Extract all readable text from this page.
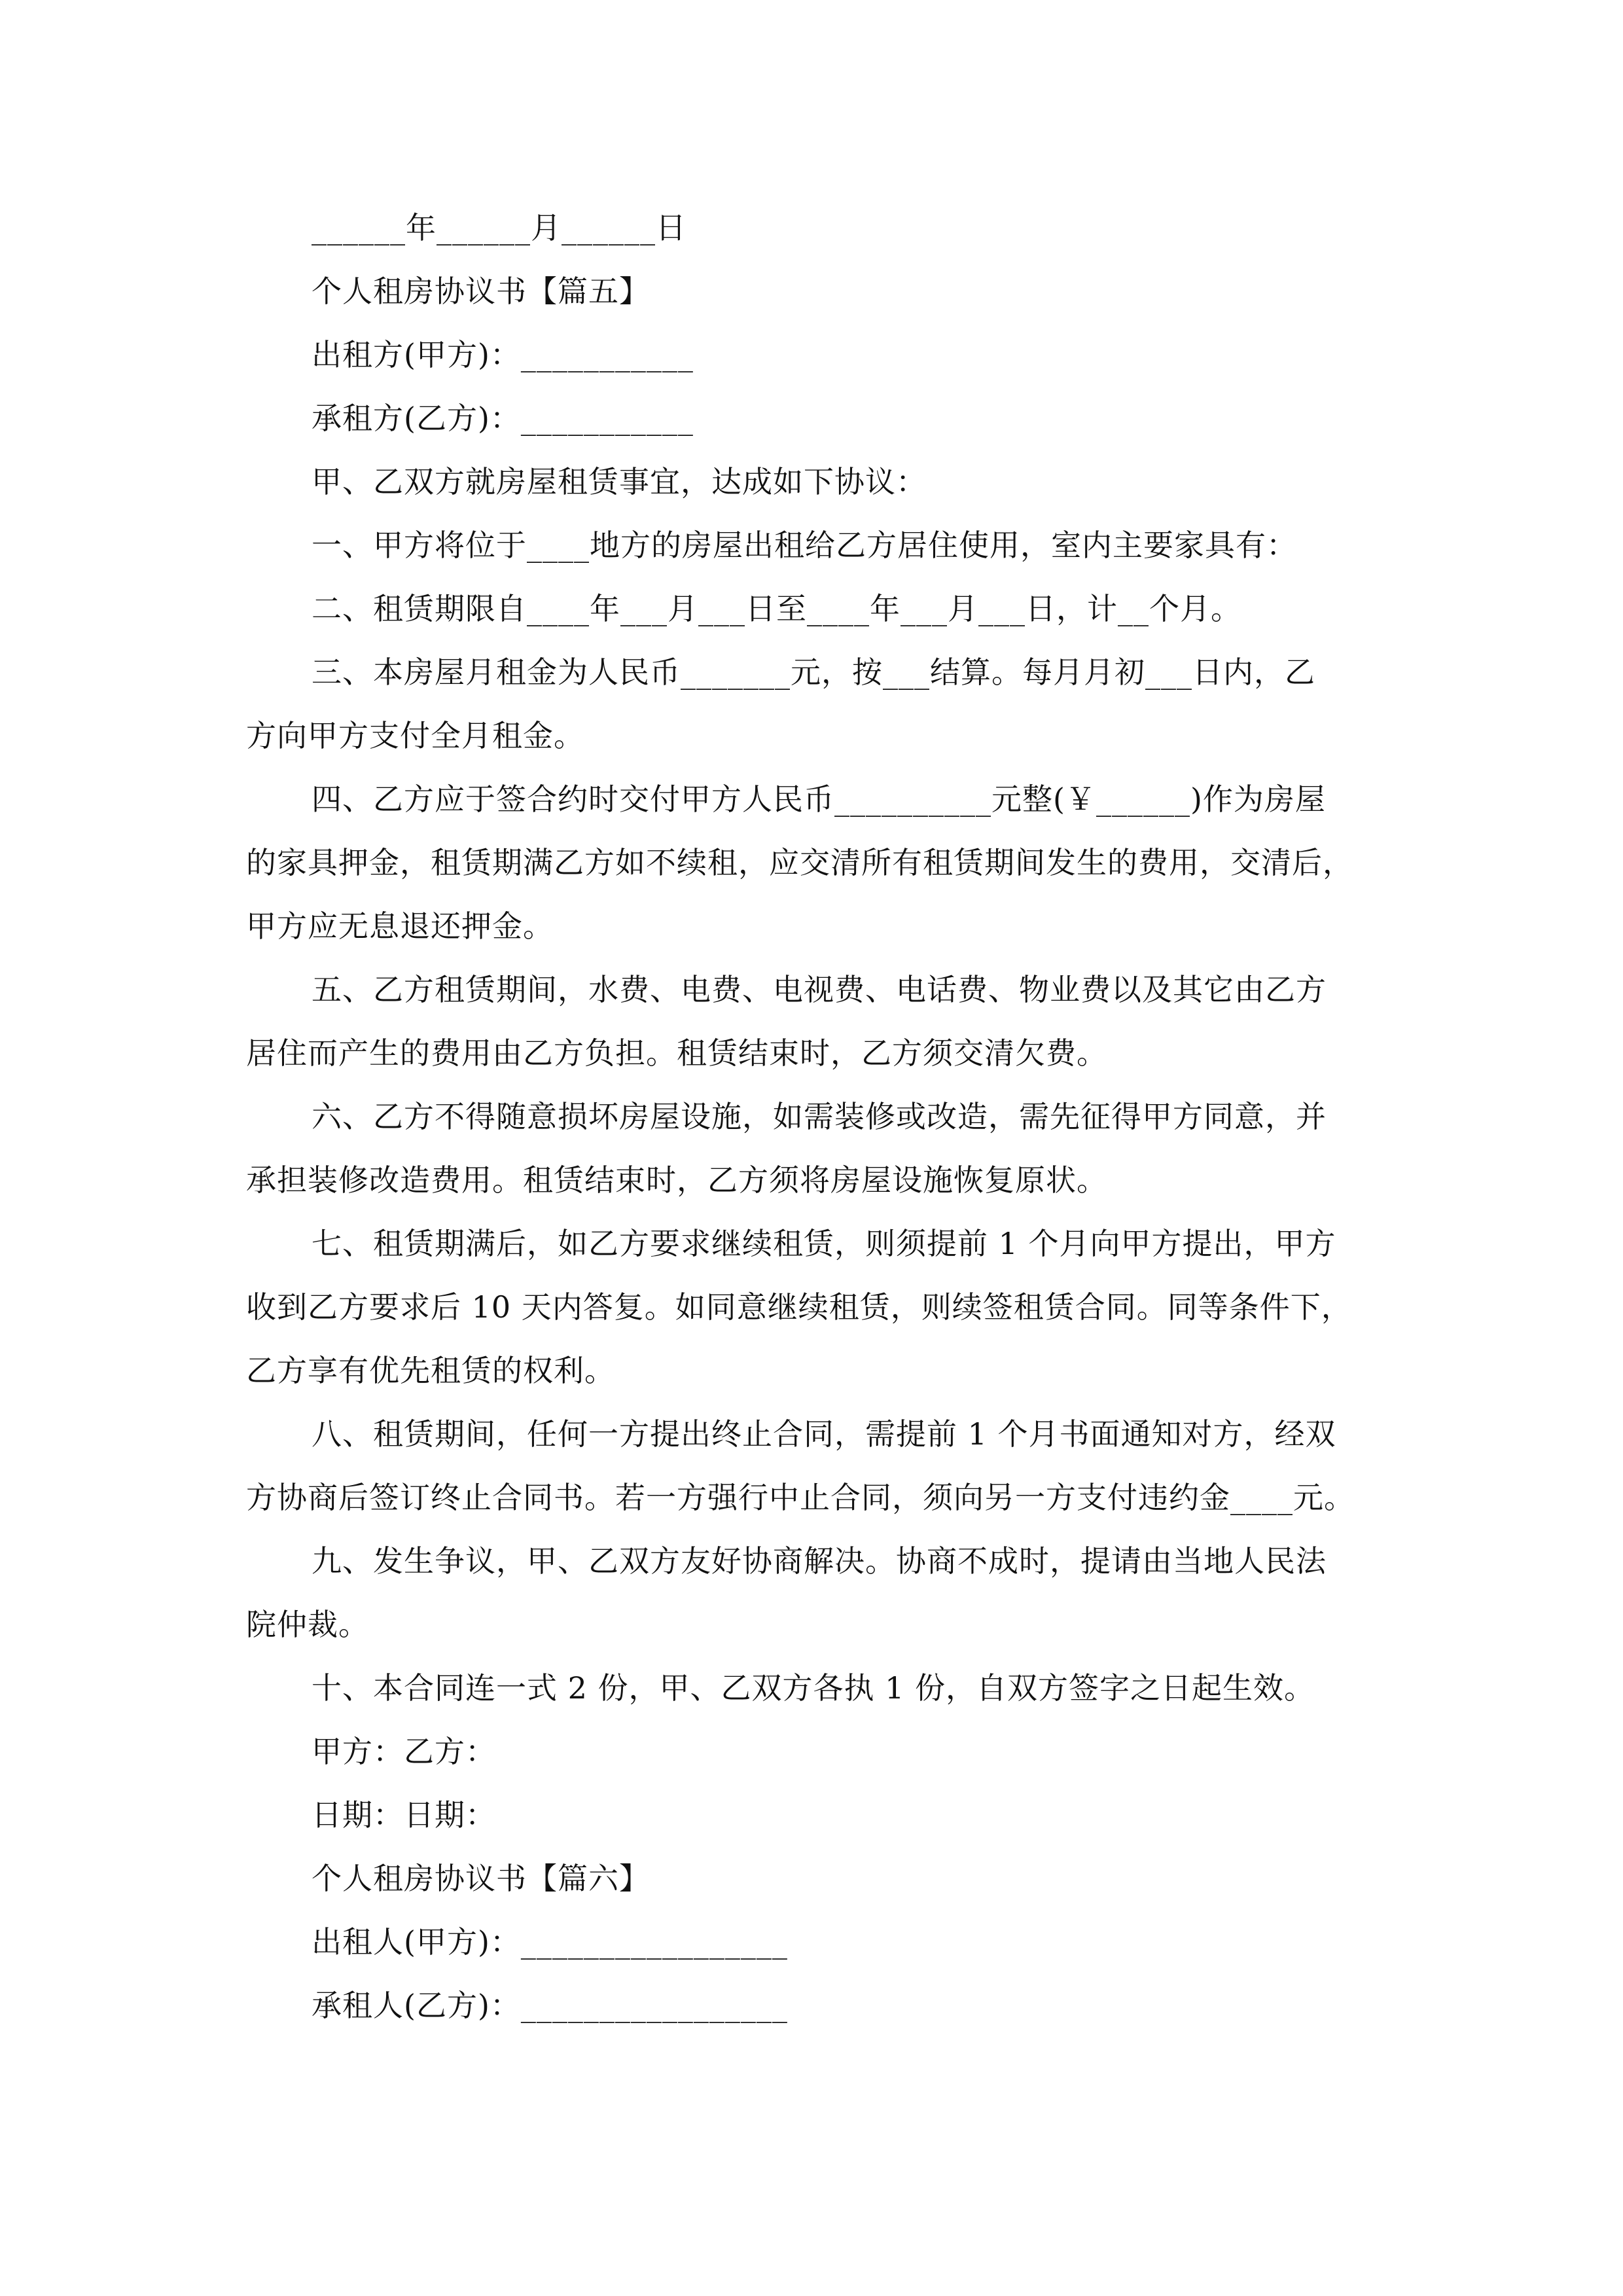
______年______月______日
个人租房协议书【篇五】
出租方(甲方)：___________
承租方(乙方)：___________
甲、乙双方就房屋租赁事宜，达成如下协议：
一、甲方将位于____地方的房屋出租给乙方居住使用，室内主要家具有：
二、租赁期限自____年___月___日至____年___月___日，计__个月。
三、本房屋月租金为人民币_______元，按___结算。每月月初___日内，乙
方向甲方支付全月租金。
四、乙方应于签合约时交付甲方人民币__________元整(￥______)作为房屋
的家具押金，租赁期满乙方如不续租，应交清所有租赁期间发生的费用，交清后，
甲方应无息退还押金。
五、乙方租赁期间，水费、电费、电视费、电话费、物业费以及其它由乙方
居住而产生的费用由乙方负担。租赁结束时，乙方须交清欠费。
六、乙方不得随意损坏房屋设施，如需装修或改造，需先征得甲方同意，并
承担装修改造费用。租赁结束时，乙方须将房屋设施恢复原状。
七、租赁期满后，如乙方要求继续租赁，则须提前 1 个月向甲方提出，甲方
收到乙方要求后 10 天内答复。如同意继续租赁，则续签租赁合同。同等条件下，
乙方享有优先租赁的权利。
八、租赁期间，任何一方提出终止合同，需提前 1 个月书面通知对方，经双
方协商后签订终止合同书。若一方强行中止合同，须向另一方支付违约金____元。
九、发生争议，甲、乙双方友好协商解决。协商不成时，提请由当地人民法
院仲裁。
十、本合同连一式 2 份，甲、乙双方各执 1 份，自双方签字之日起生效。
甲方：乙方：
日期：日期：
个人租房协议书【篇六】
出租人(甲方)：_________________
承租人(乙方)：_________________
